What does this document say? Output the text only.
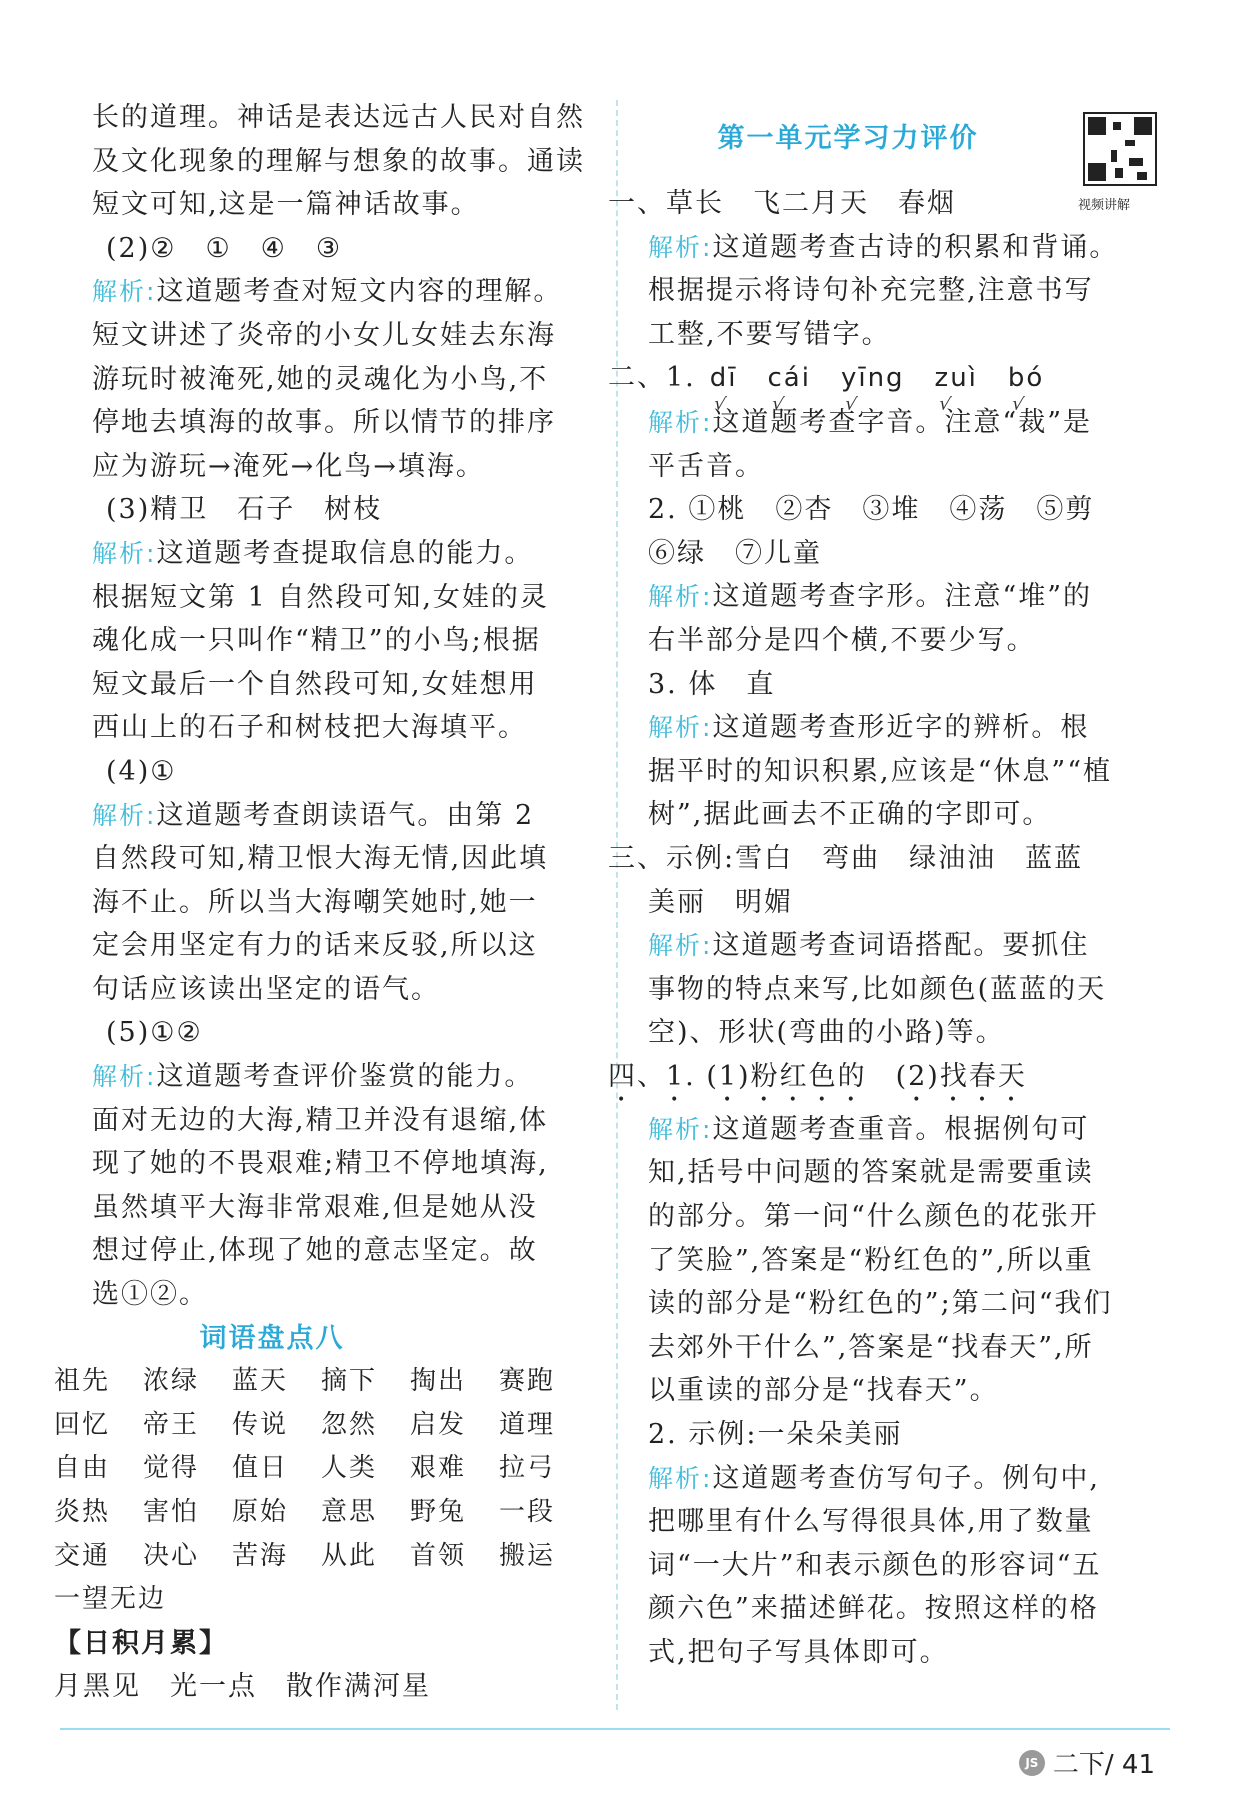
长的道理。神话是表达远古人民对自然
及文化现象的理解与想象的故事。通读
短文可知,这是一篇神话故事。
(2)②　①　④　③
解析:这道题考查对短文内容的理解。
短文讲述了炎帝的小女儿女娃去东海
游玩时被淹死,她的灵魂化为小鸟,不
停地去填海的故事。所以情节的排序
应为游玩→淹死→化鸟→填海。
(3)精卫　石子　树枝
解析:这道题考查提取信息的能力。
根据短文第 1 自然段可知,女娃的灵
魂化成一只叫作“精卫”的小鸟;根据
短文最后一个自然段可知,女娃想用
西山上的石子和树枝把大海填平。
(4)①
解析:这道题考查朗读语气。由第 2
自然段可知,精卫恨大海无情,因此填
海不止。所以当大海嘲笑她时,她一
定会用坚定有力的话来反驳,所以这
句话应该读出坚定的语气。
(5)①②
解析:这道题考查评价鉴赏的能力。
面对无边的大海,精卫并没有退缩,体
现了她的不畏艰难;精卫不停地填海,
虽然填平大海非常艰难,但是她从没
想过停止,体现了她的意志坚定。故
选①②。
词语盘点八
祖先	浓绿	蓝天	摘下	掏出	赛跑
回忆	帝王	传说	忽然	启发	道理
自由	觉得	值日	人类	艰难	拉弓
炎热	害怕	原始	意思	野兔	一段
交通	决心	苦海	从此	首领	搬运
一望无边
【日积月累】
月黑见　光一点　散作满河星
第一单元学习力评价
一、草长　飞二月天　春烟
解析:这道题考查古诗的积累和背诵。
根据提示将诗句补充完整,注意书写
工整,不要写错字。
二、1. dī √ cái √ yīng √ zuì √ bó √
解析:这道题考查字音。注意“裁”是
平舌音。
2. ①桃　②杏　③堆　④荡　⑤剪
⑥绿　⑦儿童
解析:这道题考查字形。注意“堆”的
右半部分是四个横,不要少写。
3. 体　直
解析:这道题考查形近字的辨析。根
据平时的知识积累,应该是“休息”“植
树”,据此画去不正确的字即可。
三、示例:雪白　弯曲　绿油油　蓝蓝
美丽　明媚
解析:这道题考查词语搭配。要抓住
事物的特点来写,比如颜色(蓝蓝的天
空)、形状(弯曲的小路)等。
四、1. (1)粉红色的　(2)找春天
解析:这道题考查重音。根据例句可
知,括号中问题的答案就是需要重读
的部分。第一问“什么颜色的花张开
了笑脸”,答案是“粉红色的”,所以重
读的部分是“粉红色的”;第二问“我们
去郊外干什么”,答案是“找春天”,所
以重读的部分是“找春天”。
2. 示例:一朵朵美丽
解析:这道题考查仿写句子。例句中,
把哪里有什么写得很具体,用了数量
词“一大片”和表示颜色的形容词“五
颜六色”来描述鲜花。按照这样的格
式,把句子写具体即可。
视频讲解
JS 二下/ 41
